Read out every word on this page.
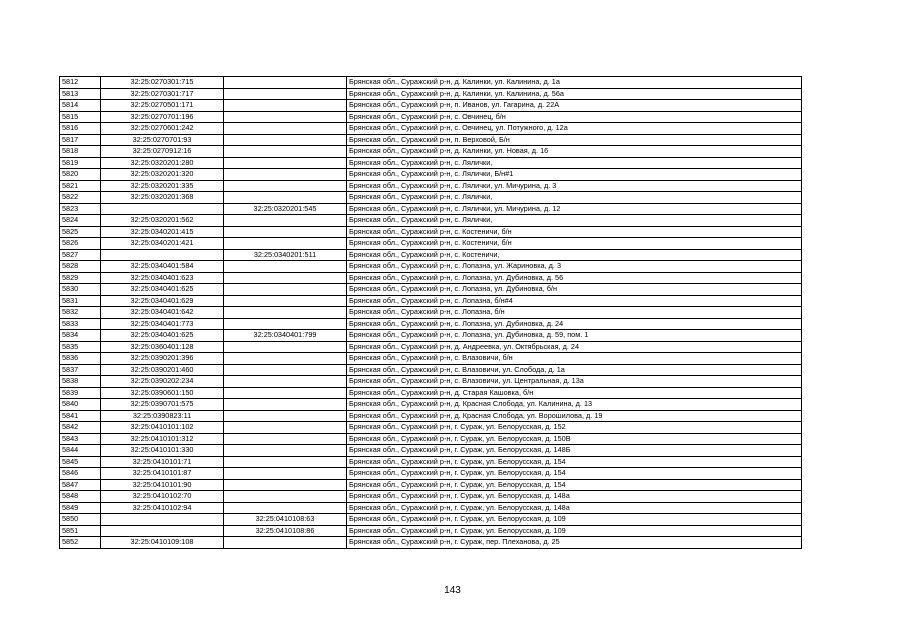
5812	32:25:0270301:715		Брянская обл., Суражский р-н, д. Калинки, ул. Калинина, д. 1а
5813	32:25:0270301:717		Брянская обл., Суражский р-н, д. Калинки, ул. Калинина, д. 56а
5814	32:25:0270501:171		Брянская обл., Суражский р-н, п. Иванов, ул. Гагарина, д. 22А
5815	32:25:0270701:196		Брянская обл., Суражский р-н, с. Овчинец, б/н
5816	32:25:0270601:242		Брянская обл., Суражский р-н, с. Овчинец, ул. Потужного, д. 12а
5817	32:25:0270701:93		Брянская обл., Суражский р-н, п. Верховой, Б/н
5818	32:25:0270912:16		Брянская обл., Суражский р-н, д. Калинки, ул. Новая, д. 16
5819	32:25:0320201:280		Брянская обл., Суражский р-н, с. Лялички,
5820	32:25:0320201:320		Брянская обл., Суражский р-н, с. Лялички, Б/н#1
5821	32:25:0320201:335		Брянская обл., Суражский р-н, с. Лялички, ул. Мичурина, д. 3
5822	32:25:0320201:368		Брянская обл., Суражский р-н, с. Лялички,
5823		32:25:0320201:545	Брянская обл., Суражский р-н, с. Лялички, ул. Мичурина, д. 12
5824	32:25:0320201:562		Брянская обл., Суражский р-н, с. Лялички,
5825	32:25:0340201:415		Брянская обл., Суражский р-н, с. Костеничи, б/н
5826	32:25:0340201:421		Брянская обл., Суражский р-н, с. Костеничи, б/н
5827		32:25:0340201:511	Брянская обл., Суражский р-н, с. Костеничи,
5828	32:25:0340401:584		Брянская обл., Суражский р-н, с. Лопазна, ул. Жариновка, д. 3
5829	32:25:0340401:623		Брянская обл., Суражский р-н, с. Лопазна, ул. Дубиновка, д. 56
5830	32:25:0340401:625		Брянская обл., Суражский р-н, с. Лопазна, ул. Дубиновка, б/н
5831	32:25:0340401:629		Брянская обл., Суражский р-н, с. Лопазна, б/н#4
5832	32:25:0340401:642		Брянская обл., Суражский р-н, с. Лопазна, б/н
5833	32:25:0340401:773		Брянская обл., Суражский р-н, с. Лопазна, ул. Дубиновка, д. 24
5834	32:25:0340401:625	32:25:0340401:799	Брянская обл., Суражский р-н, с. Лопазна, ул. Дубиновка, д. 59, пом. 1
5835	32:25:0360401:128		Брянская обл., Суражский р-н, д. Андреевка, ул. Октябрьская, д. 24
5836	32:25:0390201:396		Брянская обл., Суражский р-н, с. Влазовичи, б/н
5837	32:25:0390201:460		Брянская обл., Суражский р-н, с. Влазовичи, ул. Слобода, д. 1а
5838	32:25:0390202:234		Брянская обл., Суражский р-н, с. Влазовичи, ул. Центральная, д. 13а
5839	32:25:0390601:150		Брянская обл., Суражский р-н, д. Старая Кашовка, б/н
5840	32:25:0390701:575		Брянская обл., Суражский р-н, д. Красная Слобода, ул. Калинина, д. 13
5841	32:25:0390823:11		Брянская обл., Суражский р-н, д. Красная Слобода, ул. Ворошилова, д. 19
5842	32:25:0410101:102		Брянская обл., Суражский р-н, г. Сураж, ул. Белорусская, д. 152
5843	32:25:0410101:312		Брянская обл., Суражский р-н, г. Сураж, ул. Белорусская, д. 150В
5844	32:25:0410101:330		Брянская обл., Суражский р-н, г. Сураж, ул. Белорусская, д. 148Б
5845	32:25:0410101:71		Брянская обл., Суражский р-н, г. Сураж, ул. Белорусская, д. 154
5846	32:25:0410101:87		Брянская обл., Суражский р-н, г. Сураж, ул. Белорусская, д. 154
5847	32:25:0410101:90		Брянская обл., Суражский р-н, г. Сураж, ул. Белорусская, д. 154
5848	32:25:0410102:70		Брянская обл., Суражский р-н, г. Сураж, ул. Белорусская, д. 148а
5849	32:25:0410102:94		Брянская обл., Суражский р-н, г. Сураж, ул. Белорусская, д. 148а
5850		32:25:0410108:63	Брянская обл., Суражский р-н, г. Сураж, ул. Белорусская, д. 109
5851		32:25:0410108:86	Брянская обл., Суражский р-н, г. Сураж, ул. Белорусская, д. 109
5852	32:25:0410109:108		Брянская обл., Суражский р-н, г. Сураж, пер. Плеханова, д. 25
143
